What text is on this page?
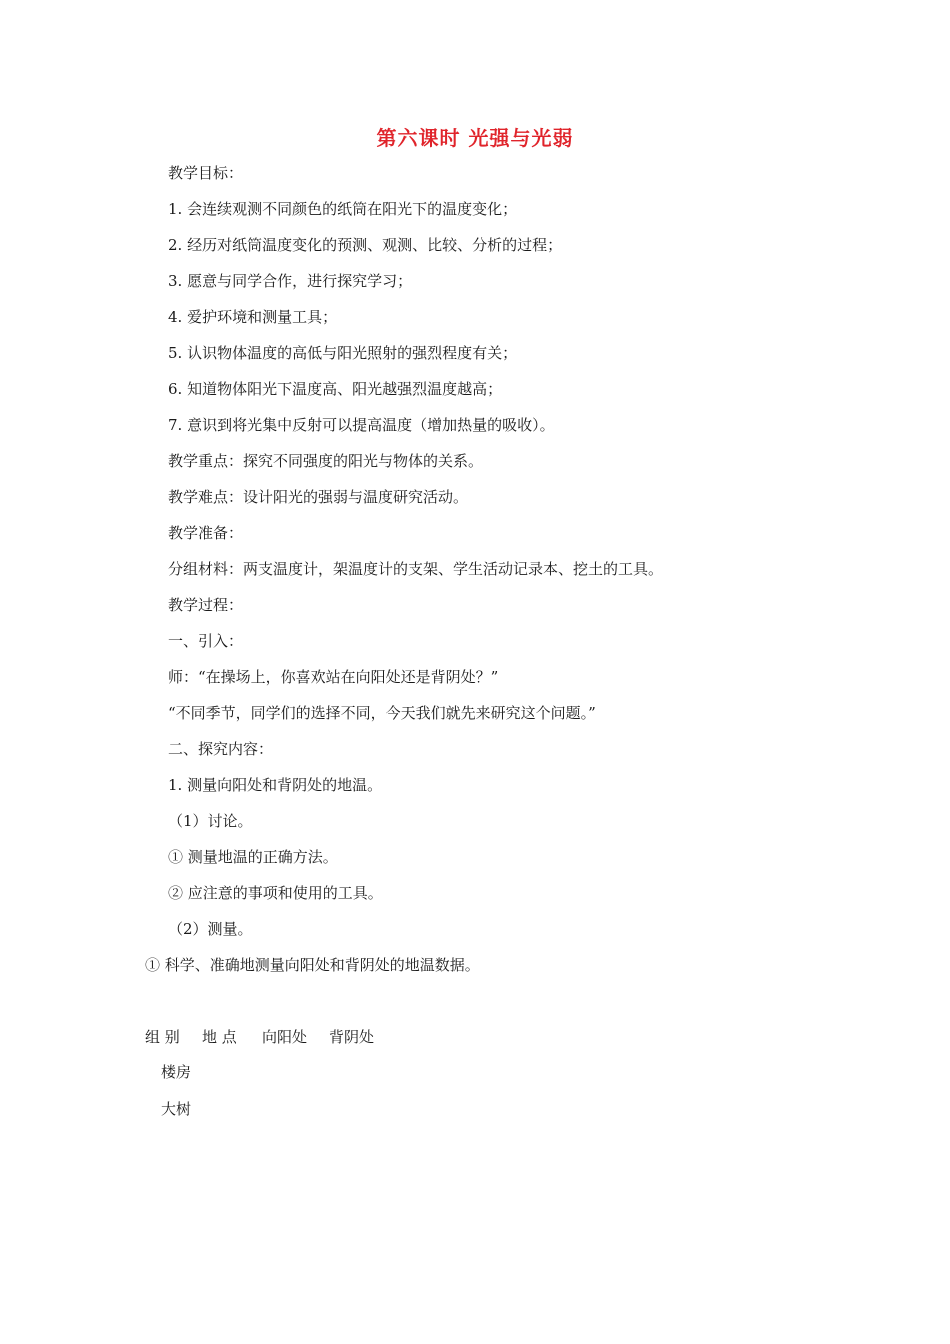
第六课时 光强与光弱
教学目标：
1. 会连续观测不同颜色的纸筒在阳光下的温度变化；
2. 经历对纸筒温度变化的预测、观测、比较、分析的过程；
3. 愿意与同学合作，进行探究学习；
4. 爱护环境和测量工具；
5. 认识物体温度的高低与阳光照射的强烈程度有关；
6. 知道物体阳光下温度高、阳光越强烈温度越高；
7. 意识到将光集中反射可以提高温度（增加热量的吸收）。
教学重点：探究不同强度的阳光与物体的关系。
教学难点：设计阳光的强弱与温度研究活动。
教学准备：
分组材料：两支温度计，架温度计的支架、学生活动记录本、挖土的工具。
教学过程：
一、引入：
师：“在操场上，你喜欢站在向阳处还是背阴处？”
“不同季节，同学们的选择不同，今天我们就先来研究这个问题。”
二、探究内容：
1. 测量向阳处和背阴处的地温。
（1）讨论。
① 测量地温的正确方法。
② 应注意的事项和使用的工具。
（2）测量。
① 科学、准确地测量向阳处和背阴处的地温数据。
组 别 地 点 向阳处 背阴处
楼房
大树
